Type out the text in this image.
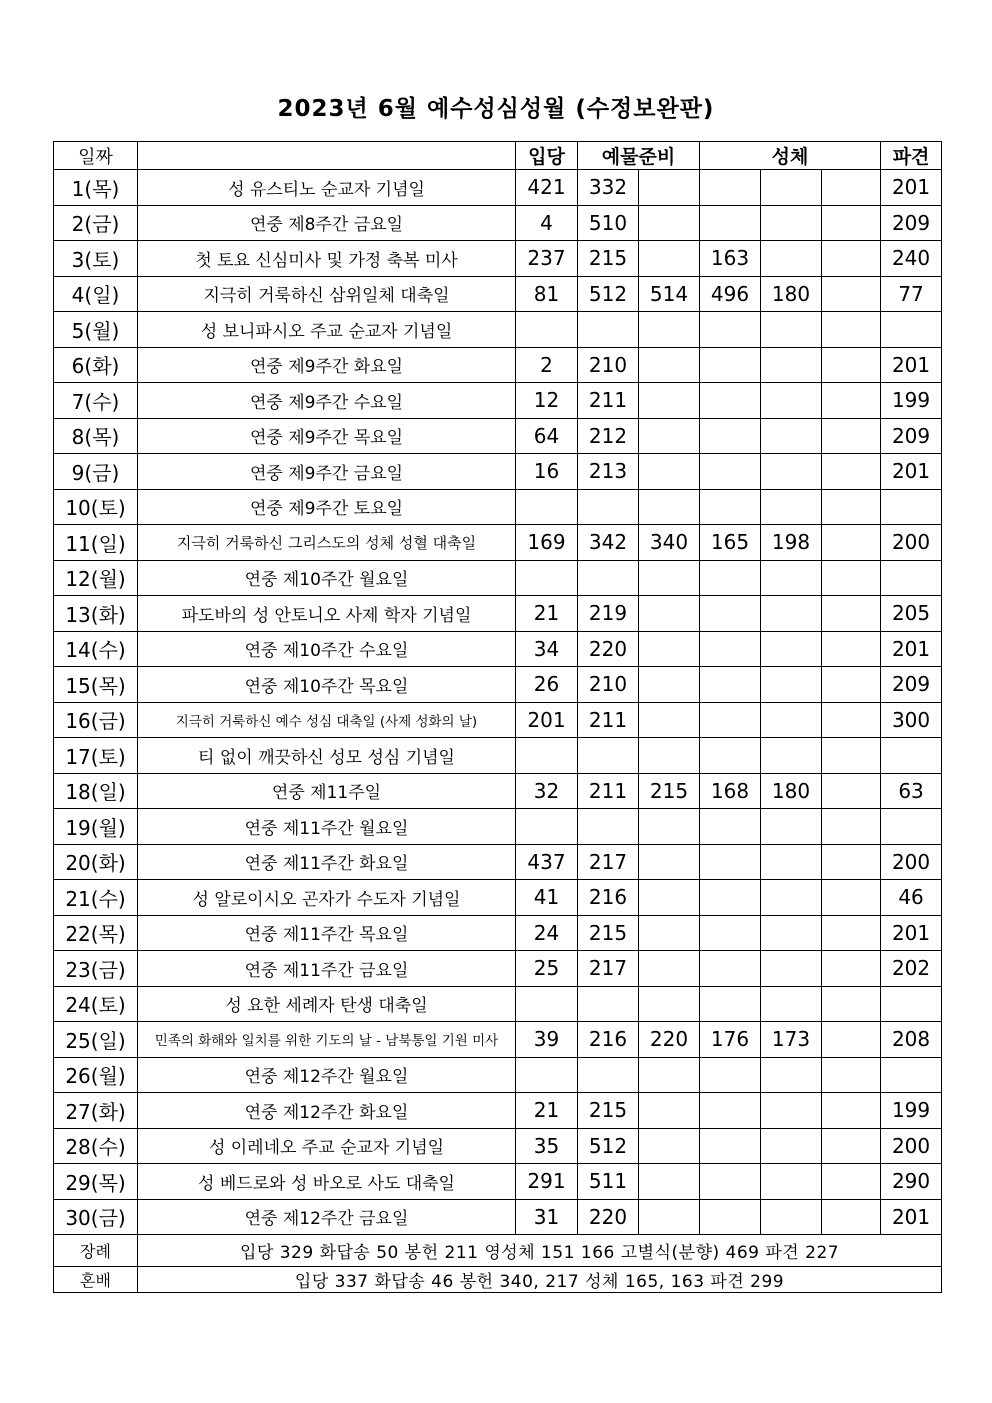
2023년 6월 예수성심성월 (수정보완판)
일짜		입당	예물준비		성체			파견
1(목)	성 유스티노 순교자 기념일	421	332					201
2(금)	연중 제8주간 금요일	4	510					209
3(토)	첫 토요 신심미사 및 가정 축복 미사	237	215		163			240
4(일)	지극히 거룩하신 삼위일체 대축일	81	512	514	496	180		77
5(월)	성 보니파시오 주교 순교자 기념일							
6(화)	연중 제9주간 화요일	2	210					201
7(수)	연중 제9주간 수요일	12	211					199
8(목)	연중 제9주간 목요일	64	212					209
9(금)	연중 제9주간 금요일	16	213					201
10(토)	연중 제9주간 토요일							
11(일)	지극히 거룩하신 그리스도의 성체 성혈 대축일	169	342	340	165	198		200
12(월)	연중 제10주간 월요일							
13(화)	파도바의 성 안토니오 사제 학자 기념일	21	219					205
14(수)	연중 제10주간 수요일	34	220					201
15(목)	연중 제10주간 목요일	26	210					209
16(금)	지극히 거룩하신 예수 성심 대축일 (사제 성화의 날)	201	211					300
17(토)	티 없이 깨끗하신 성모 성심 기념일							
18(일)	연중 제11주일	32	211	215	168	180		63
19(월)	연중 제11주간 월요일							
20(화)	연중 제11주간 화요일	437	217					200
21(수)	성 알로이시오 곤자가 수도자 기념일	41	216					46
22(목)	연중 제11주간 목요일	24	215					201
23(금)	연중 제11주간 금요일	25	217					202
24(토)	성 요한 세례자 탄생 대축일							
25(일)	민족의 화해와 일치를 위한 기도의 날 - 남북통일 기원 미사	39	216	220	176	173		208
26(월)	연중 제12주간 월요일							
27(화)	연중 제12주간 화요일	21	215					199
28(수)	성 이레네오 주교 순교자 기념일	35	512					200
29(목)	성 베드로와 성 바오로 사도 대축일	291	511					290
30(금)	연중 제12주간 금요일	31	220					201
장례	입당 329 화답송 50 봉헌 211 영성체 151 166 고별식(분향) 469 파견 227							
혼배	입당 337 화답송 46 봉헌 340, 217 성체 165, 163 파견 299							
